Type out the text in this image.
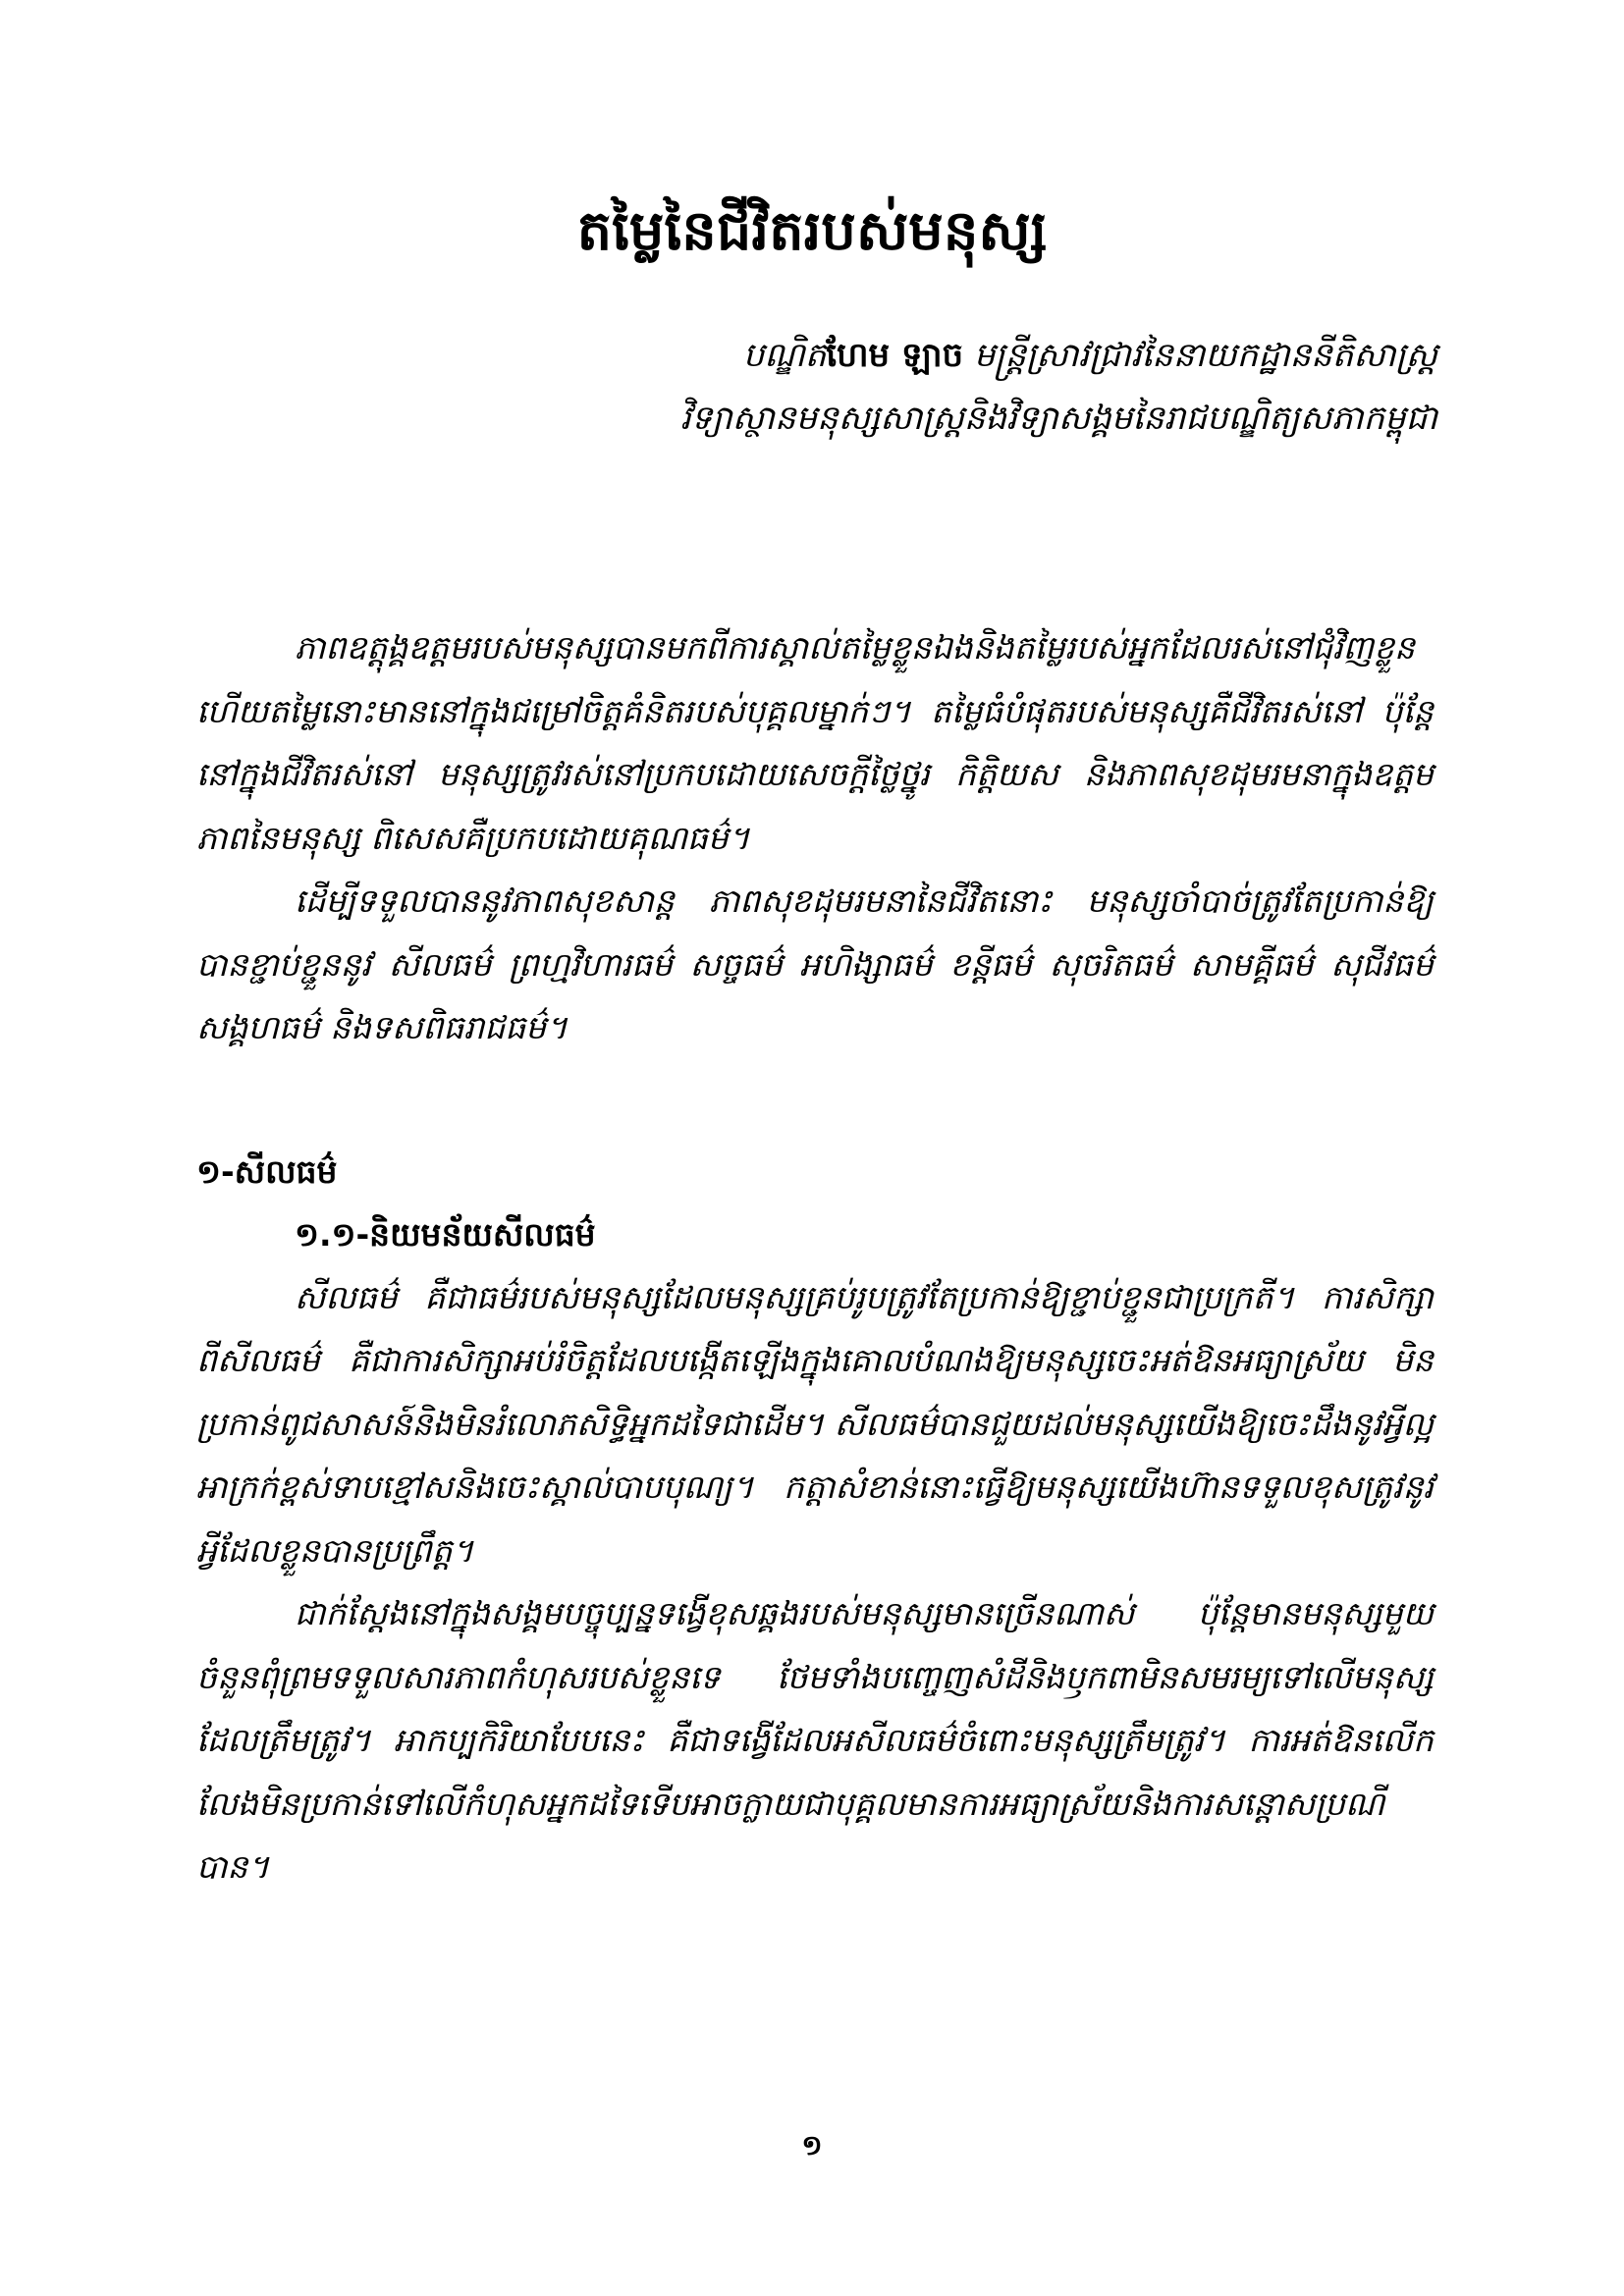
តម្លៃនៃជីវិតរបស់មនុស្ស
បណ្ឌិតហែម ឡាច មន្ត្រីស្រាវជ្រាវនៃនាយកដ្ឋាននីតិសាស្ត្រ
វិទ្យាស្ថានមនុស្សសាស្ត្រនិងវិទ្យាសង្គមនៃរាជបណ្ឌិត្យសភាកម្ពុជា

ភាពឧត្តុង្គឧត្តមរបស់មនុស្សបានមកពីការស្គាល់តម្លៃខ្លួនឯងនិងតម្លៃរបស់អ្នកដែលរស់នៅជុំវិញខ្លួនហើយតម្លៃនោះមាននៅក្នុងជម្រៅចិត្តគំនិតរបស់បុគ្គលម្នាក់ៗ។ តម្លៃធំបំផុតរបស់មនុស្សគឺជីវិតរស់នៅ ប៉ុន្តែនៅក្នុងជីវិតរស់នៅ មនុស្សត្រូវរស់នៅប្រកបដោយសេចក្តីថ្លៃថ្នូរ កិត្តិយស និងភាពសុខដុមរមនាក្នុងឧត្តមភាពនៃមនុស្ស ពិសេសគឺប្រកបដោយគុណធម៌។

ដើម្បីទទួលបាននូវភាពសុខសាន្ត ភាពសុខដុមរមនានៃជីវិតនោះ មនុស្សចាំបាច់ត្រូវតែប្រកាន់ឱ្យបានខ្ជាប់ខ្ជួននូវ សីលធម៌ ព្រហ្មវិហារធម៌ សច្ចធម៌ អហិង្សាធម៌ ខន្តីធម៌ សុចរិតធម៌ សាមគ្គីធម៌ សុជីវធម៌ សង្គហធម៌ និងទសពិធរាជធម៌។

១-សីលធម៌
១.១-និយមន័យសីលធម៌

សីលធម៌ គឺជាធម៌របស់មនុស្សដែលមនុស្សគ្រប់រូបត្រូវតែប្រកាន់ឱ្យខ្ជាប់ខ្ជួនជាប្រក្រតី។ ការសិក្សាពីសីលធម៌ គឺជាការសិក្សាអប់រំចិត្តដែលបង្កើតឡើងក្នុងគោលបំណងឱ្យមនុស្សចេះអត់ឱនអធ្យាស្រ័យ មិនប្រកាន់ពូជសាសន៍និងមិនរំលោភសិទ្ធិអ្នកដទៃជាដើម។ សីលធម៌បានជួយដល់មនុស្សយើងឱ្យចេះដឹងនូវអ្វីល្អអាក្រក់ខ្ពស់ទាបខ្មៅសនិងចេះស្គាល់បាបបុណ្យ។ កត្តាសំខាន់នោះធ្វើឱ្យមនុស្សយើងហ៊ានទទួលខុសត្រូវនូវអ្វីដែលខ្លួនបានប្រព្រឹត្ត។

ជាក់ស្តែងនៅក្នុងសង្គមបច្ចុប្បន្នទង្វើខុសឆ្គងរបស់មនុស្សមានច្រើនណាស់ ប៉ុន្តែមានមនុស្សមួយចំនួនពុំព្រមទទួលសារភាពកំហុសរបស់ខ្លួនទេ ថែមទាំងបញ្ចេញសំដីនិងឫកពាមិនសមរម្យទៅលើមនុស្សដែលត្រឹមត្រូវ។ អាកប្បកិរិយាបែបនេះ គឺជាទង្វើដែលអសីលធម៌ចំពោះមនុស្សត្រឹមត្រូវ។ ការអត់ឱនលើកលែងមិនប្រកាន់ទៅលើកំហុសអ្នកដទៃទើបអាចក្លាយជាបុគ្គលមានការអធ្យាស្រ័យនិងការសន្តោសប្រណីបាន។

១
